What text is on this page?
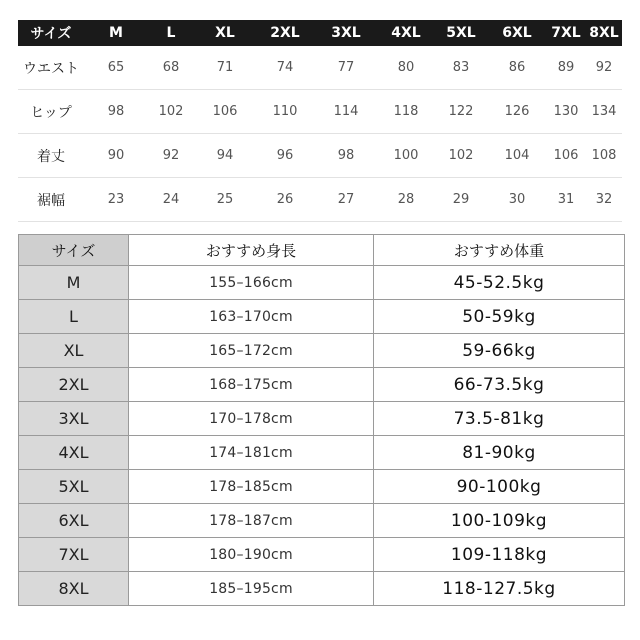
サイズ	M	L	XL	2XL	3XL	4XL	5XL	6XL	7XL 8XL
ウエスト	65	68	71	74	77	80	83	86	89	92
ヒップ	98	102	106	110	114	118	122	126	130	134
着丈	90	92	94	96	98	100	102	104	106	108
裾幅	23	24	25	26	27	28	29	30	31	32
サイズ	おすすめ身長	おすすめ体重
M	155–166cm	45-52.5kg
L	163–170cm	50-59kg
XL	165–172cm	59-66kg
2XL	168–175cm	66-73.5kg
3XL	170–178cm	73.5-81kg
4XL	174–181cm	81-90kg
5XL	178–185cm	90-100kg
6XL	178–187cm	100-109kg
7XL	180–190cm	109-118kg
8XL	185–195cm	118-127.5kg
